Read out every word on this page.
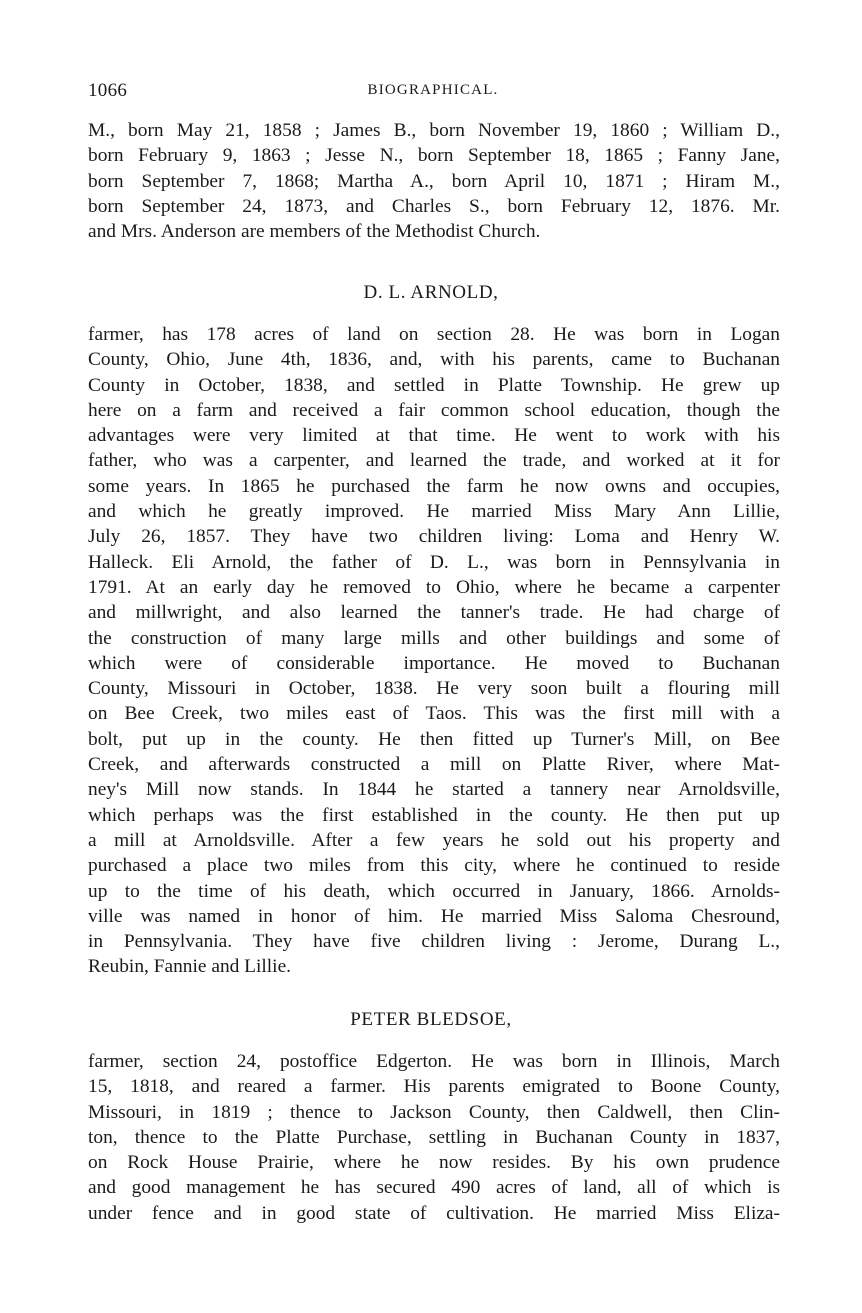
1066	BIOGRAPHICAL.

M., born May 21, 1858 ; James B., born November 19, 1860 ; William D.,
born February 9, 1863 ; Jesse N., born September 18, 1865 ; Fanny Jane,
born September 7, 1868; Martha A., born April 10, 1871 ; Hiram M.,
born September 24, 1873, and Charles S., born February 12, 1876. Mr.
and Mrs. Anderson are members of the Methodist Church.

D. L. ARNOLD,

farmer, has 178 acres of land on section 28. He was born in Logan
County, Ohio, June 4th, 1836, and, with his parents, came to Buchanan
County in October, 1838, and settled in Platte Township. He grew up
here on a farm and received a fair common school education, though the
advantages were very limited at that time. He went to work with his
father, who was a carpenter, and learned the trade, and worked at it for
some years. In 1865 he purchased the farm he now owns and occupies,
and which he greatly improved. He married Miss Mary Ann Lillie,
July 26, 1857. They have two children living: Loma and Henry W.
Halleck. Eli Arnold, the father of D. L., was born in Pennsylvania in
1791. At an early day he removed to Ohio, where he became a carpenter
and millwright, and also learned the tanner's trade. He had charge of
the construction of many large mills and other buildings and some of
which were of considerable importance. He moved to Buchanan
County, Missouri in October, 1838. He very soon built a flouring mill
on Bee Creek, two miles east of Taos. This was the first mill with a
bolt, put up in the county. He then fitted up Turner's Mill, on Bee
Creek, and afterwards constructed a mill on Platte River, where Mat-
ney's Mill now stands. In 1844 he started a tannery near Arnoldsville,
which perhaps was the first established in the county. He then put up
a mill at Arnoldsville. After a few years he sold out his property and
purchased a place two miles from this city, where he continued to reside
up to the time of his death, which occurred in January, 1866. Arnolds-
ville was named in honor of him. He married Miss Saloma Chesround,
in Pennsylvania. They have five children living : Jerome, Durang L.,
Reubin, Fannie and Lillie.

PETER BLEDSOE,

farmer, section 24, postoffice Edgerton. He was born in Illinois, March
15, 1818, and reared a farmer. His parents emigrated to Boone County,
Missouri, in 1819 ; thence to Jackson County, then Caldwell, then Clin-
ton, thence to the Platte Purchase, settling in Buchanan County in 1837,
on Rock House Prairie, where he now resides. By his own prudence
and good management he has secured 490 acres of land, all of which is
under fence and in good state of cultivation. He married Miss Eliza-
